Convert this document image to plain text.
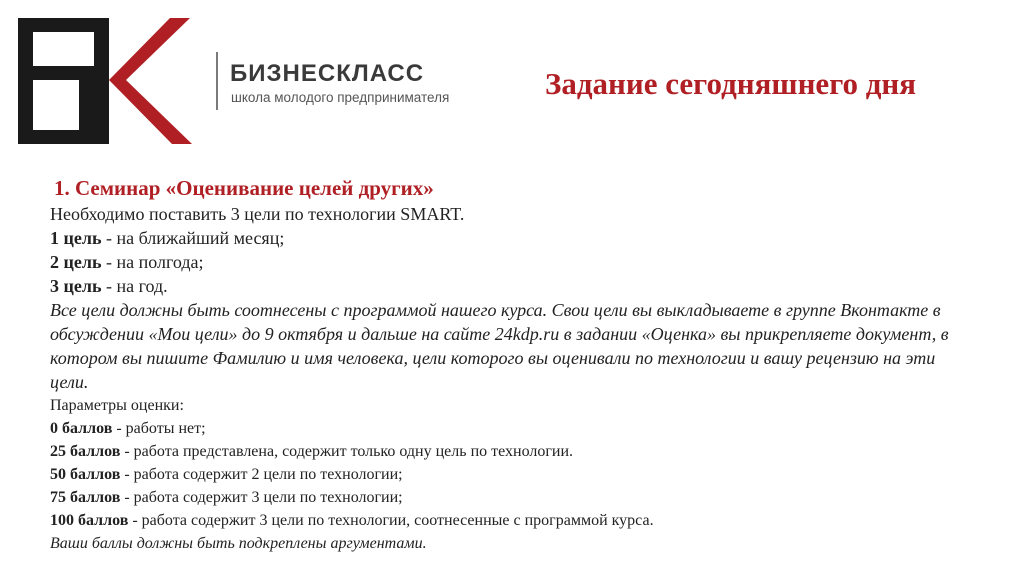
БИЗНЕСКЛАСС
школа молодого предпринимателя	Задание сегодняшнего дня
1. Семинар «Оценивание целей других»
Необходимо поставить 3 цели по технологии SMART.
1 цель - на ближайший месяц;
2 цель - на полгода;
3 цель - на год.
Все цели должны быть соотнесены с программой нашего курса. Свои цели вы выкладываете в группе Вконтакте в обсуждении «Мои цели» до 9 октября и дальше на сайте 24kdp.ru в задании «Оценка» вы прикрепляете документ, в котором вы пишите Фамилию и имя человека, цели которого вы оценивали по технологии и вашу рецензию на эти цели.
Параметры оценки:
0 баллов - работы нет;
25 баллов - работа представлена, содержит только одну цель по технологии.
50 баллов - работа содержит 2 цели по технологии;
75 баллов - работа содержит 3 цели по технологии;
100 баллов - работа содержит 3 цели по технологии, соотнесенные с программой курса.
Ваши баллы должны быть подкреплены аргументами.
